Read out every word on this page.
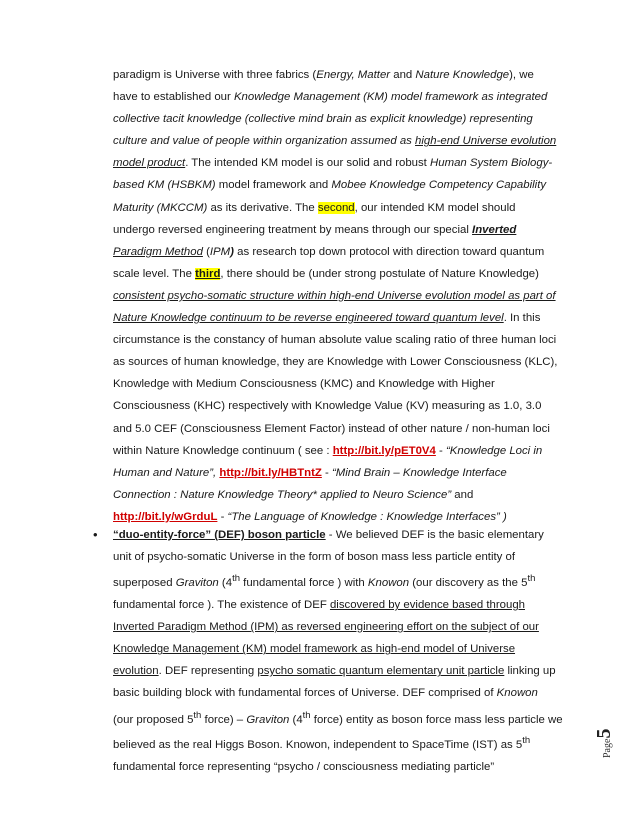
paradigm is Universe with three fabrics (Energy, Matter and Nature Knowledge), we
have to established our Knowledge Management (KM) model framework as integrated
collective tacit knowledge (collective mind brain as explicit knowledge) representing
culture and value of people within organization assumed as high-end Universe evolution
model product. The intended KM model is our solid and robust Human System Biology-
based KM (HSBKM) model framework and Mobee Knowledge Competency Capability
Maturity (MKCCM) as its derivative. The second, our intended KM model should
undergo reversed engineering treatment by means through our special Inverted
Paradigm Method (IPM) as research top down protocol with direction toward quantum
scale level. The third, there should be (under strong postulate of Nature Knowledge)
consistent psycho-somatic structure within high-end Universe evolution model as part of
Nature Knowledge continuum to be reverse engineered toward quantum level. In this
circumstance is the constancy of human absolute value scaling ratio of three human loci
as sources of human knowledge, they are Knowledge with Lower Consciousness (KLC),
Knowledge with Medium Consciousness (KMC) and Knowledge with Higher
Consciousness (KHC) respectively with Knowledge Value (KV) measuring as 1.0, 3.0
and 5.0 CEF (Consciousness Element Factor) instead of other nature / non-human loci
within Nature Knowledge continuum ( see : http://bit.ly/pET0V4 - “Knowledge Loci in
Human and Nature”, http://bit.ly/HBTntZ - “Mind Brain – Knowledge Interface
Connection : Nature Knowledge Theory* applied to Neuro Science” and
http://bit.ly/wGrduL - “The Language of Knowledge : Knowledge Interfaces” )
• “duo-entity-force” (DEF) boson particle - We believed DEF is the basic elementary
unit of psycho-somatic Universe in the form of boson mass less particle entity of
superposed Graviton (4th fundamental force ) with Knowon (our discovery as the 5th
fundamental force ). The existence of DEF discovered by evidence based through
Inverted Paradigm Method (IPM) as reversed engineering effort on the subject of our
Knowledge Management (KM) model framework as high-end model of Universe
evolution. DEF representing psycho somatic quantum elementary unit particle linking up
basic building block with fundamental forces of Universe. DEF comprised of Knowon
(our proposed 5th force) – Graviton (4th force) entity as boson force mass less particle we
believed as the real Higgs Boson. Knowon, independent to SpaceTime (IST) as 5th
fundamental force representing “psycho / consciousness mediating particle”
Page5
